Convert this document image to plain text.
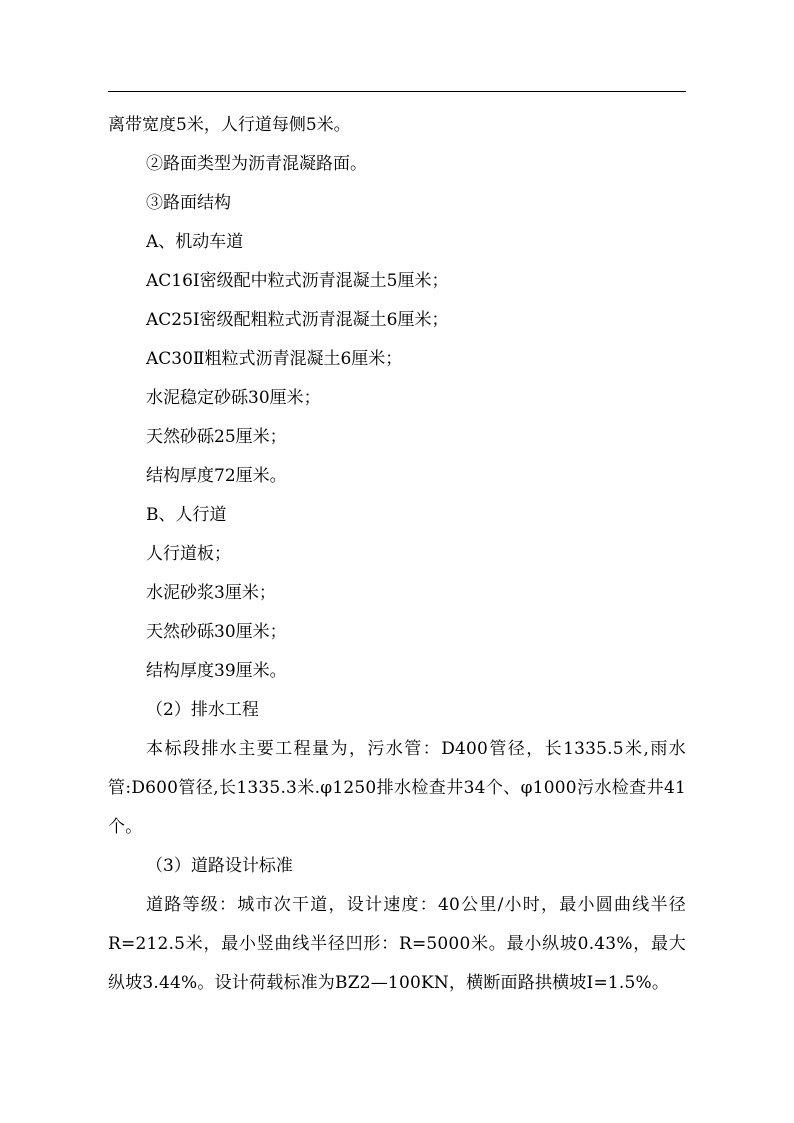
离带宽度5米，人行道每侧5米。
②路面类型为沥青混凝路面。
③路面结构
A、机动车道
AC16Ⅰ密级配中粒式沥青混凝土5厘米；
AC25Ⅰ密级配粗粒式沥青混凝土6厘米；
AC30Ⅱ粗粒式沥青混凝土6厘米；
水泥稳定砂砾30厘米；
天然砂砾25厘米；
结构厚度72厘米。
B、人行道
人行道板；
水泥砂浆3厘米；
天然砂砾30厘米；
结构厚度39厘米。
（2）排水工程
本标段排水主要工程量为，污水管：D400管径，长1335.5米,雨水管:D600管径,长1335.3米.φ1250排水检查井34个、φ1000污水检查井41个。
（3）道路设计标准
道路等级：城市次干道，设计速度：40公里/小时，最小圆曲线半径R=212.5米，最小竖曲线半径凹形：R=5000米。最小纵坡0.43%，最大纵坡3.44%。设计荷载标准为BZ2—100KN，横断面路拱横坡I=1.5%。
